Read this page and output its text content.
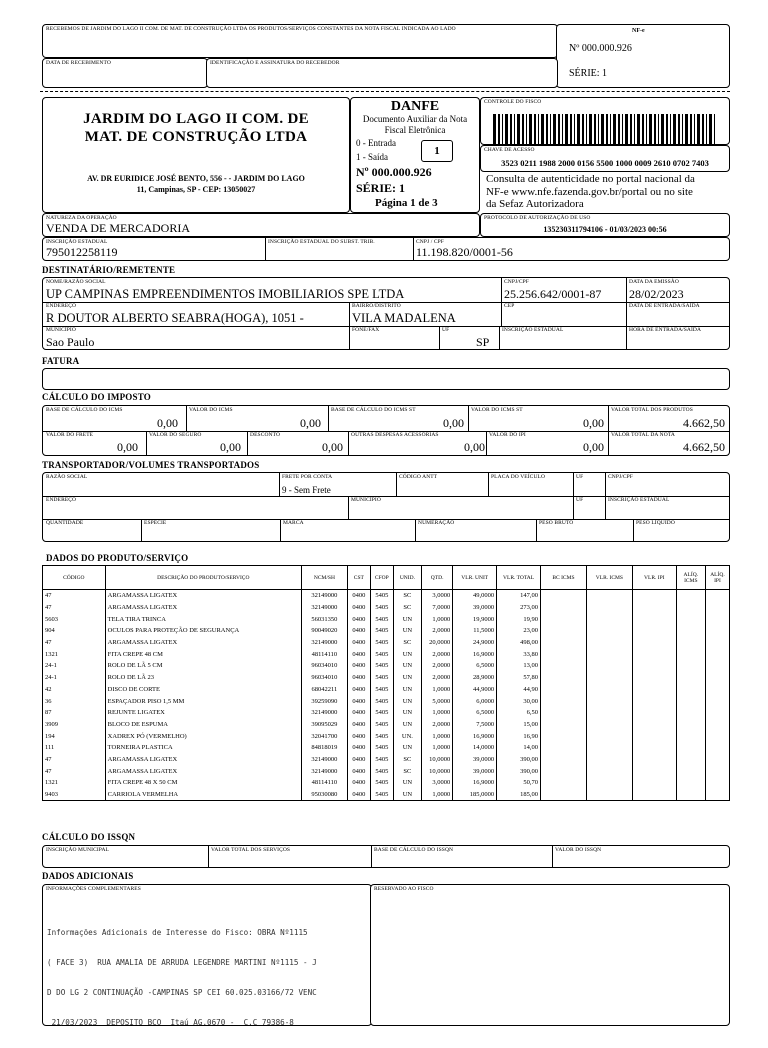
RECEBEMOS DE JARDIM DO LAGO II COM. DE MAT. DE CONSTRUÇÃO LTDA OS PRODUTOS/SERVIÇOS CONSTANTES DA NOTA FISCAL INDICADA AO LADO	NF-e
Nº 000.000.926
SÉRIE: 1
DATA DE RECEBIMENTO	IDENTIFICAÇÃO E ASSINATURA DO RECEBEDOR
JARDIM DO LAGO II COM. DE
MAT. DE CONSTRUÇÃO LTDA
AV. DR EURIDICE JOSÉ BENTO, 556 - - JARDIM DO LAGO
11, Campinas, SP - CEP: 13050027
DANFE
Documento Auxiliar da Nota
Fiscal Eletrônica
0 - Entrada
1 - Saída	1
Nº 000.000.926
SÉRIE: 1
Página 1 de 3
CONTROLE DO FISCO
CHAVE DE ACESSO
3523 0211 1988 2000 0156 5500 1000 0009 2610 0702 7403
Consulta de autenticidade no portal nacional da
NF-e www.nfe.fazenda.gov.br/portal ou no site
da Sefaz Autorizadora
NATUREZA DA OPERAÇÃO
VENDA DE MERCADORIA
PROTOCOLO DE AUTORIZAÇÃO DE USO
135230311794106 - 01/03/2023 00:56
INSCRIÇÃO ESTADUAL
795012258119
INSCRIÇÃO ESTADUAL DO SUBST. TRIB.	CNPJ / CPF
11.198.820/0001-56
DESTINATÁRIO/REMETENTE
NOME/RAZÃO SOCIAL
UP CAMPINAS EMPREENDIMENTOS IMOBILIARIOS SPE LTDA
CNPJ/CPF
25.256.642/0001-87
DATA DA EMISSÃO
28/02/2023
ENDEREÇO
R DOUTOR ALBERTO SEABRA(HOGA), 1051 -
BAIRRO/DISTRITO
VILA MADALENA
CEP	DATA DE ENTRADA/SAÍDA
MUNICÍPIO
Sao Paulo
FONE/FAX	UF
SP
INSCRIÇÃO ESTADUAL	HORA DE ENTRADA/SAÍDA
FATURA
CÁLCULO DO IMPOSTO
BASE DE CÁLCULO DO ICMS
0,00
VALOR DO ICMS
0,00
BASE DE CÁLCULO DO ICMS ST
0,00
VALOR DO ICMS ST
0,00
VALOR TOTAL DOS PRODUTOS
4.662,50
VALOR DO FRETE
0,00
VALOR DO SEGURO
0,00
DESCONTO
0,00
OUTRAS DESPESAS ACESSÓRIAS
0,00
VALOR DO IPI
0,00
VALOR TOTAL DA NOTA
4.662,50
TRANSPORTADOR/VOLUMES TRANSPORTADOS
RAZÃO SOCIAL	FRETE POR CONTA
9 - Sem Frete
CÓDIGO ANTT	PLACA DO VEÍCULO	UF	CNPJ/CPF
ENDEREÇO	MUNICÍPIO	UF	INSCRIÇÃO ESTADUAL
QUANTIDADE	ESPÉCIE	MARCA	NUMERAÇÃO	PESO BRUTO	PESO LÍQUIDO
DADOS DO PRODUTO/SERVIÇO
CÓDIGO	DESCRIÇÃO DO PRODUTO/SERVIÇO	NCM/SH	CST	CFOP	UNID.	QTD.	VLR. UNIT	VLR. TOTAL	BC ICMS	VLR. ICMS	VLR. IPI	ALÍQ. ICMS	ALÍQ. IPI
47	ARGAMASSA LIGATEX	32149000	0400	5405	SC	3,0000	49,0000	147,00					
47	ARGAMASSA LIGATEX	32149000	0400	5405	SC	7,0000	39,0000	273,00					
5603	TELA TIRA TRINCA	56031350	0400	5405	UN	1,0000	19,9000	19,90					
904	OCULOS PARA PROTEÇÃO DE SEGURANÇA	90049020	0400	5405	UN	2,0000	11,5000	23,00					
47	ARGAMASSA LIGATEX	32149000	0400	5405	SC	20,0000	24,9000	498,00					
1321	FITA CREPE 48 CM	48114110	0400	5405	UN	2,0000	16,9000	33,80					
24-1	ROLO DE LÃ 5 CM	96034010	0400	5405	UN	2,0000	6,5000	13,00					
24-1	ROLO DE LÃ 23	96034010	0400	5405	UN	2,0000	28,9000	57,80					
42	DISCO DE CORTE	68042211	0400	5405	UN	1,0000	44,9000	44,90					
36	ESPAÇADOR PISO 1,5 MM	39259090	0400	5405	UN	5,0000	6,0000	30,00					
87	REJUNTE LIGATEX	32149000	0400	5405	UN	1,0000	6,5000	6,50					
3909	BLOCO DE ESPUMA	39095029	0400	5405	UN	2,0000	7,5000	15,00					
194	XADREX PÓ (VERMELHO)	32041700	0400	5405	UN.	1,0000	16,9000	16,90					
111	TORNEIRA PLASTICA	84818019	0400	5405	UN	1,0000	14,0000	14,00					
47	ARGAMASSA LIGATEX	32149000	0400	5405	SC	10,0000	39,0000	390,00					
47	ARGAMASSA LIGATEX	32149000	0400	5405	SC	10,0000	39,0000	390,00					
1321	FITA CREPE 48 X 50 CM	48114110	0400	5405	UN	3,0000	16,9000	50,70					
9403	CARRIOLA VERMELHA	95030080	0400	5405	UN	1,0000	185,0000	185,00					
CÁLCULO DO ISSQN
INSCRIÇÃO MUNICIPAL	VALOR TOTAL DOS SERVIÇOS	BASE DE CÁLCULO DO ISSQN	VALOR DO ISSQN
DADOS ADICIONAIS
INFORMAÇÕES COMPLEMENTARES

Informações Adicionais de Interesse do Fisco: OBRA Nº1115

( FACE 3)  RUA AMALIA DE ARRUDA LEGENDRE MARTINI Nº1115 - J

D DO LG 2 CONTINUAÇÃO -CAMPINAS SP CEI 60.025.03166/72 VENC

21/03/2023  DEPOSITO BCO  Itaú AG.0670 -  C.C 79386-8

RESERVADO AO FISCO
